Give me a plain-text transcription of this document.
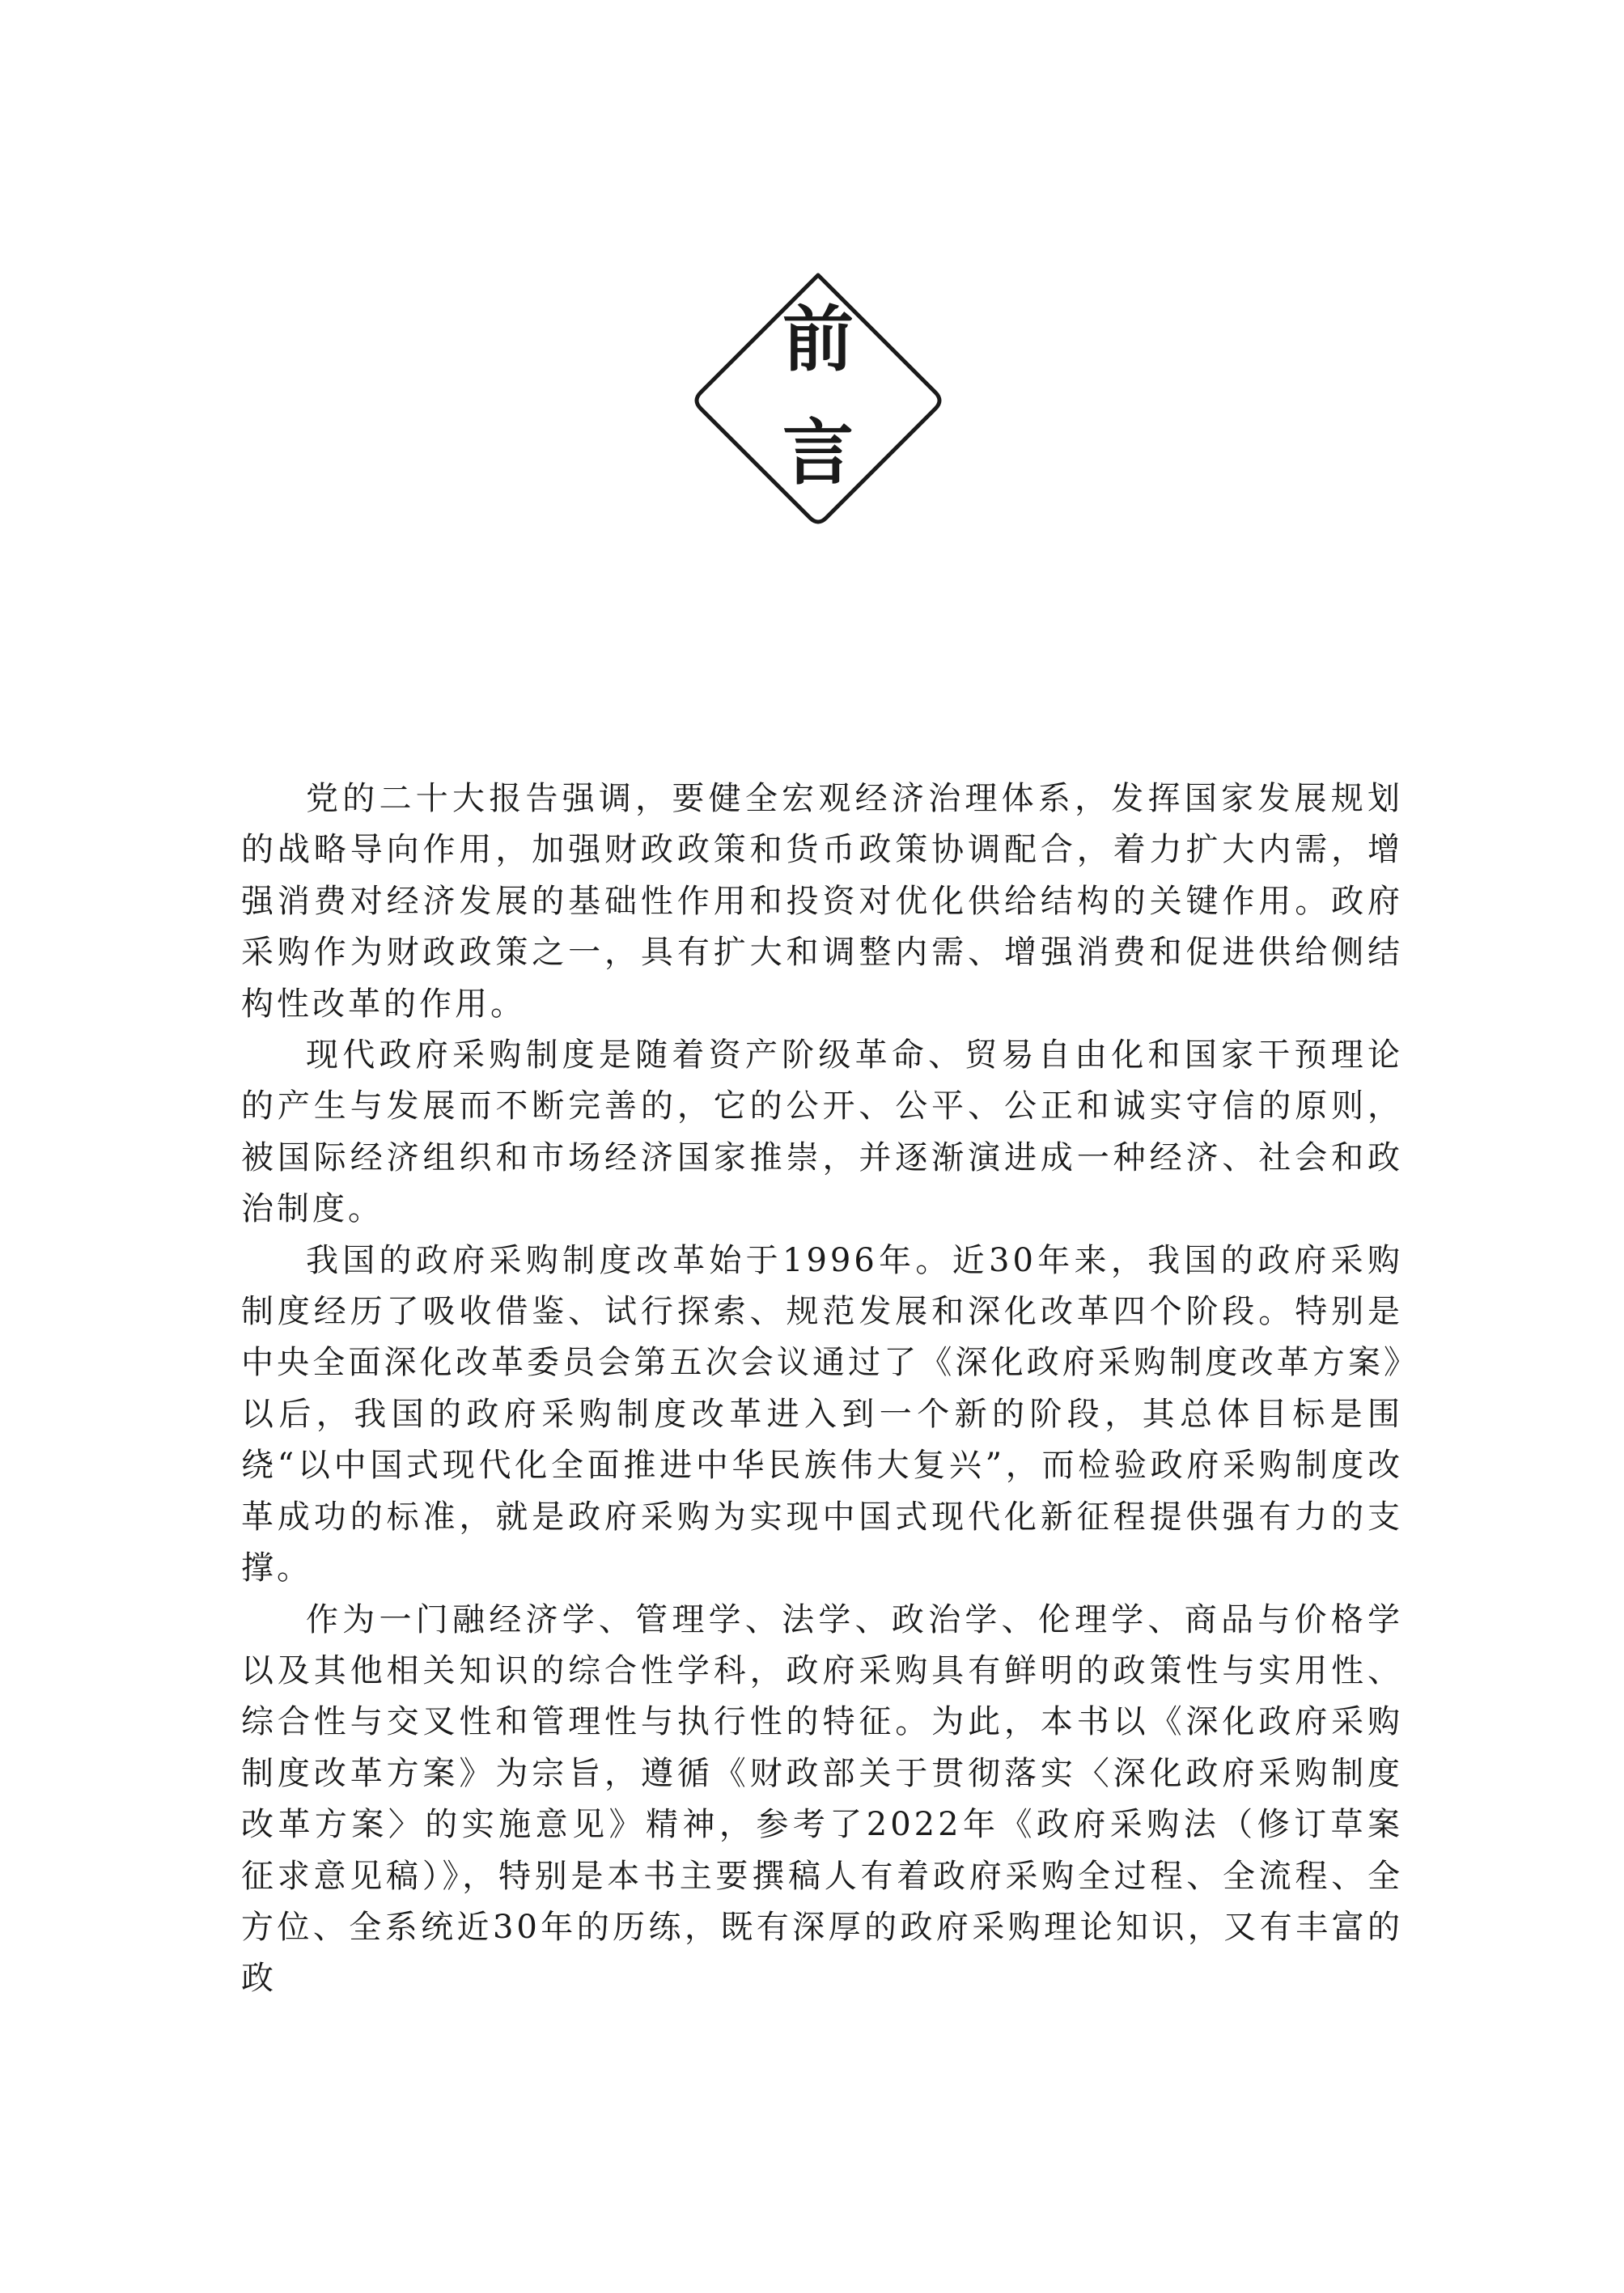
前
言

党的二十大报告强调，要健全宏观经济治理体系，发挥国家发展规划的战略导向作用，加强财政政策和货币政策协调配合，着力扩大内需，增强消费对经济发展的基础性作用和投资对优化供给结构的关键作用。政府采购作为财政政策之一，具有扩大和调整内需、增强消费和促进供给侧结构性改革的作用。

现代政府采购制度是随着资产阶级革命、贸易自由化和国家干预理论的产生与发展而不断完善的，它的公开、公平、公正和诚实守信的原则，被国际经济组织和市场经济国家推崇，并逐渐演进成一种经济、社会和政治制度。

我国的政府采购制度改革始于1996年。近30年来，我国的政府采购制度经历了吸收借鉴、试行探索、规范发展和深化改革四个阶段。特别是中央全面深化改革委员会第五次会议通过了《深化政府采购制度改革方案》以后，我国的政府采购制度改革进入到一个新的阶段，其总体目标是围绕“以中国式现代化全面推进中华民族伟大复兴”，而检验政府采购制度改革成功的标准，就是政府采购为实现中国式现代化新征程提供强有力的支撑。

作为一门融经济学、管理学、法学、政治学、伦理学、商品与价格学以及其他相关知识的综合性学科，政府采购具有鲜明的政策性与实用性、综合性与交叉性和管理性与执行性的特征。为此，本书以《深化政府采购制度改革方案》为宗旨，遵循《财政部关于贯彻落实〈深化政府采购制度改革方案〉的实施意见》精神，参考了2022年《政府采购法（修订草案征求意见稿）》，特别是本书主要撰稿人有着政府采购全过程、全流程、全方位、全系统近30年的历练，既有深厚的政府采购理论知识，又有丰富的政
